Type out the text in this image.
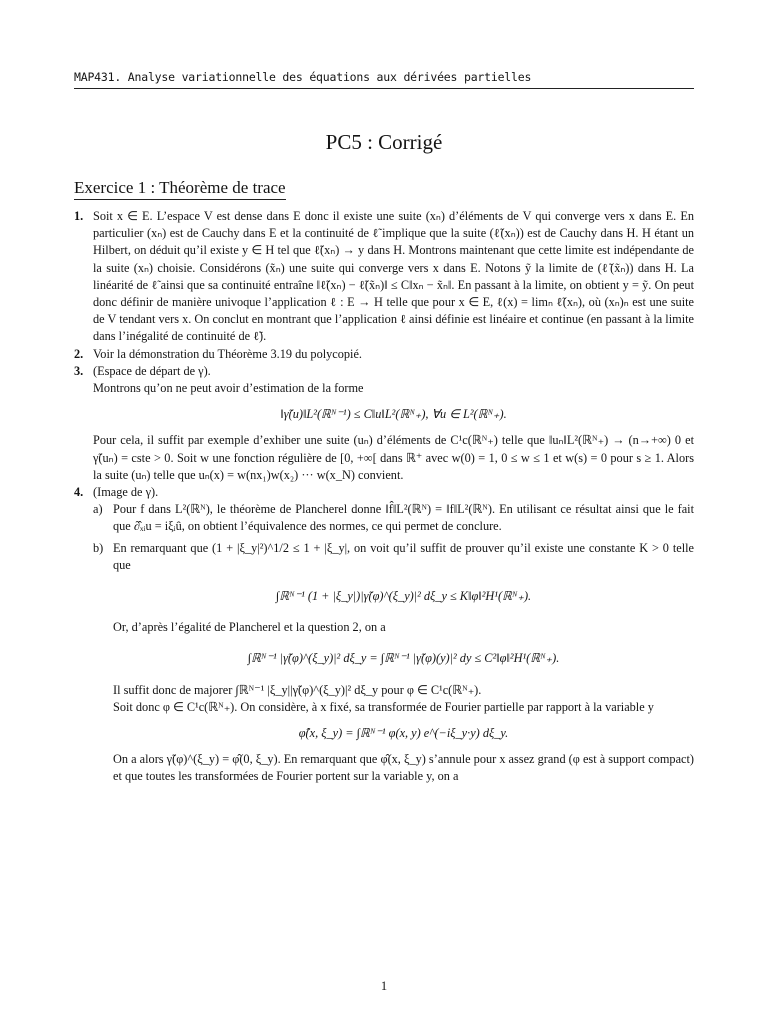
MAP431. Analyse variationnelle des équations aux dérivées partielles
PC5 : Corrigé
Exercice 1 : Théorème de trace
1. Soit x ∈ E. L’espace V est dense dans E donc il existe une suite (xₙ) d’éléments de V qui converge vers x dans E. En particulier (xₙ) est de Cauchy dans E et la continuité de ℓ̃ implique que la suite (ℓ̃(xₙ)) est de Cauchy dans H. H étant un Hilbert, on déduit qu’il existe y ∈ H tel que ℓ̃(xₙ) → y dans H. Montrons maintenant que cette limite est indépendante de la suite (xₙ) choisie. Considérons (x̃ₙ) une suite qui converge vers x dans E. Notons ỹ la limite de (ℓ̃(x̃ₙ)) dans H. La linéarité de ℓ̃ ainsi que sa continuité entraîne ‖ℓ̃(xₙ) − ℓ̃(x̃ₙ)‖ ≤ C‖xₙ − x̃ₙ‖. En passant à la limite, on obtient y = ỹ. On peut donc définir de manière univoque l’application ℓ : E → H telle que pour x ∈ E, ℓ(x) = limₙ ℓ̃(xₙ), où (xₙ)ₙ est une suite de V tendant vers x. On conclut en montrant que l’application ℓ ainsi définie est linéaire et continue (en passant à la limite dans l’inégalité de continuité de ℓ̃).
2. Voir la démonstration du Théorème 3.19 du polycopié.
3. (Espace de départ de γ).
Montrons qu’on ne peut avoir d’estimation de la forme
‖γ̃(u)‖L²(ℝᴺ⁻¹) ≤ C‖u‖L²(ℝᴺ₊), ∀u ∈ L²(ℝᴺ₊).
Pour cela, il suffit par exemple d’exhiber une suite (uₙ) d’éléments de C¹c(ℝᴺ₊) telle que ‖uₙ‖L²(ℝᴺ₊) → (n→+∞) 0 et γ̃(uₙ) = cste > 0. Soit w une fonction régulière de [0, +∞[ dans ℝ⁺ avec w(0) = 1, 0 ≤ w ≤ 1 et w(s) = 0 pour s ≥ 1. Alors la suite (uₙ) telle que uₙ(x) = w(nx₁)w(x₂) ··· w(x_N) convient.
4. (Image de γ).
a) Pour f dans L²(ℝᴺ), le théorème de Plancherel donne ‖f̂‖L²(ℝᴺ) = ‖f‖L²(ℝᴺ). En utilisant ce résultat ainsi que le fait que ∂̂ₓᵢu = iξᵢû, on obtient l’équivalence des normes, ce qui permet de conclure.
b) En remarquant que (1 + |ξ_y|²)^1/2 ≤ 1 + |ξ_y|, on voit qu’il suffit de prouver qu’il existe une constante K > 0 telle que
∫ℝᴺ⁻¹ (1 + |ξ_y|)|γ̃(φ)^(ξ_y)|² dξ_y ≤ K‖φ‖²H¹(ℝᴺ₊).
Or, d’après l’égalité de Plancherel et la question 2, on a
∫ℝᴺ⁻¹ |γ̃(φ)^(ξ_y)|² dξ_y = ∫ℝᴺ⁻¹ |γ̃(φ)(y)|² dy ≤ C²‖φ‖²H¹(ℝᴺ₊).
Il suffit donc de majorer ∫ℝᴺ⁻¹ |ξ_y||γ̃(φ)^(ξ_y)|² dξ_y pour φ ∈ C¹c(ℝᴺ₊).
Soit donc φ ∈ C¹c(ℝᴺ₊). On considère, à x fixé, sa transformée de Fourier partielle par rapport à la variable y
φ̂(x, ξ_y) = ∫ℝᴺ⁻¹ φ(x, y) e^(−iξ_y·y) dξ_y.
On a alors γ̃(φ)^(ξ_y) = φ̂(0, ξ_y). En remarquant que φ̂(x, ξ_y) s’annule pour x assez grand (φ est à support compact) et que toutes les transformées de Fourier portent sur la variable y, on a
1
